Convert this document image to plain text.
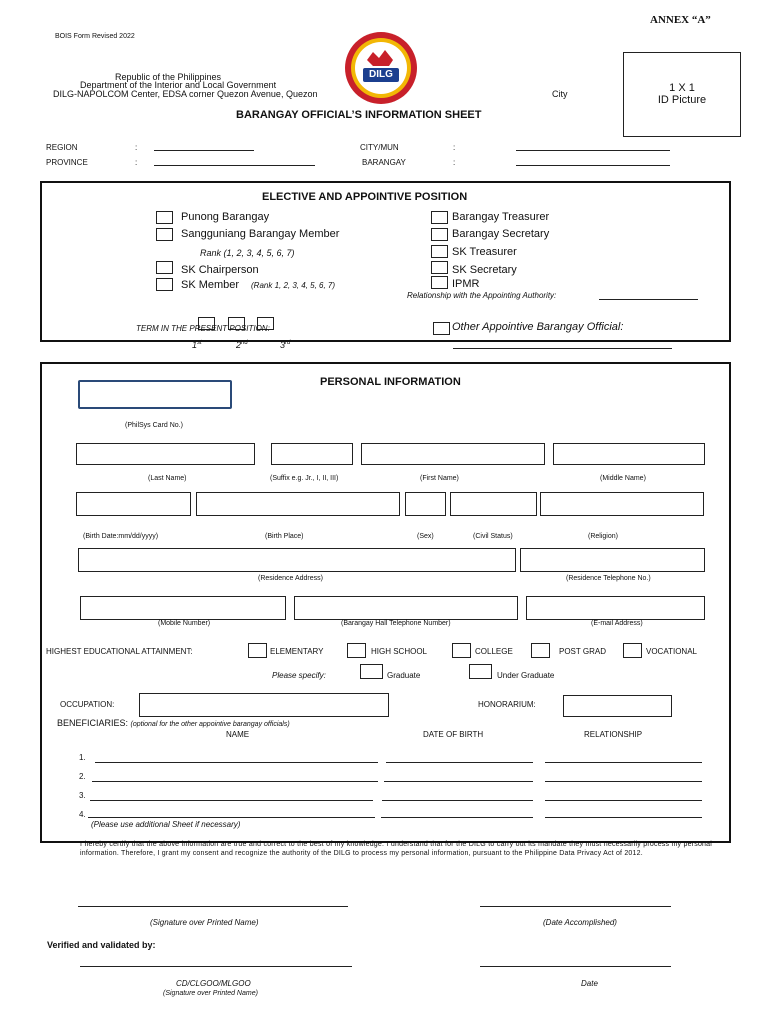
ANNEX “A”
BOIS Form Revised 2022
DILG
Republic of the Philippines
Department of the Interior and Local Government
DILG-NAPOLCOM Center, EDSA corner Quezon Avenue, Quezon	City
BARANGAY OFFICIAL’S INFORMATION SHEET
1 X 1
ID Picture
REGION	:
PROVINCE	:
CITY/MUN	:
BARANGAY	:
ELECTIVE AND APPOINTIVE POSITION
Punong Barangay
Sangguniang Barangay Member
Rank (1, 2, 3, 4, 5, 6, 7)
SK Chairperson
SK Member (Rank 1, 2, 3, 4, 5, 6, 7)
TERM IN THE PRESENT POSITION:
1st	2nd	3rd
Barangay Treasurer
Barangay Secretary
SK Treasurer
SK Secretary
IPMR
Relationship with the Appointing Authority:
Other Appointive Barangay Official:
PERSONAL INFORMATION
(PhilSys Card No.)
(Last Name)	(Suffix e.g. Jr., I, II, III)	(First Name)	(Middle Name)
(Birth Date:mm/dd/yyyy)	(Birth Place)	(Sex)	(Civil Status)	(Religion)
(Residence Address)	(Residence Telephone No.)
(Mobile Number)	(Barangay Hall Telephone Number)	(E-mail Address)
HIGHEST EDUCATIONAL ATTAINMENT:	ELEMENTARY	HIGH SCHOOL	COLLEGE	POST GRAD	VOCATIONAL
Please specify:	Graduate	Under Graduate
OCCUPATION:	HONORARIUM:
BENEFICIARIES: (optional for the other appointive barangay officials)
NAME	DATE OF BIRTH	RELATIONSHIP
1.
2.
3.
4.
(Please use additional Sheet if necessary)
I hereby certify that the above information are true and correct to the best of my knowledge. I understand that for the DILG to carry out its mandate they must necessarily process my personal information. Therefore, I grant my consent and recognize the authority of the DILG to process my personal information, pursuant to the Philippine Data Privacy Act of 2012.
(Signature over Printed Name)	(Date Accomplished)
Verified and validated by:
CD/CLGOO/MLGOO
(Signature over Printed Name)
Date
